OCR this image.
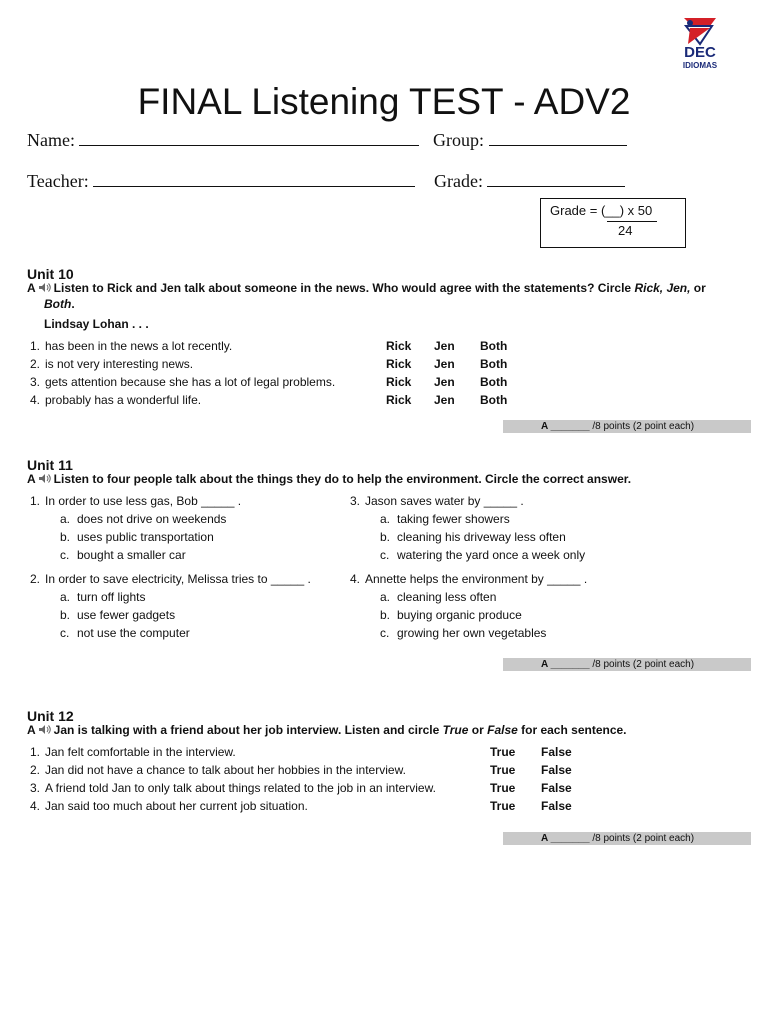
DEC
IDIOMAS
FINAL Listening TEST - ADV2
Name:	Group:
Teacher:	Grade:
Grade = (__) x 50
24
Unit 10
A Listen to Rick and Jen talk about someone in the news. Who would agree with the statements? Circle Rick, Jen, or
Both.
Lindsay Lohan . . .
1. has been in the news a lot recently.	Rick Jen Both
2. is not very interesting news.	Rick Jen Both
3. gets attention because she has a lot of legal problems.	Rick Jen Both
4. probably has a wonderful life.	Rick Jen Both
A _______ /8 points (2 point each)
Unit 11
A Listen to four people talk about the things they do to help the environment. Circle the correct answer.
1. In order to use less gas, Bob _____ .
a. does not drive on weekends
b. uses public transportation
c. bought a smaller car
2. In order to save electricity, Melissa tries to _____ .
a. turn off lights
b. use fewer gadgets
c. not use the computer
3. Jason saves water by _____ .
a. taking fewer showers
b. cleaning his driveway less often
c. watering the yard once a week only
4. Annette helps the environment by _____ .
a. cleaning less often
b. buying organic produce
c. growing her own vegetables
A _______ /8 points (2 point each)
Unit 12
A Jan is talking with a friend about her job interview. Listen and circle True or False for each sentence.
1. Jan felt comfortable in the interview.	True False
2. Jan did not have a chance to talk about her hobbies in the interview.	True False
3. A friend told Jan to only talk about things related to the job in an interview.	True False
4. Jan said too much about her current job situation.	True False
A _______ /8 points (2 point each)
